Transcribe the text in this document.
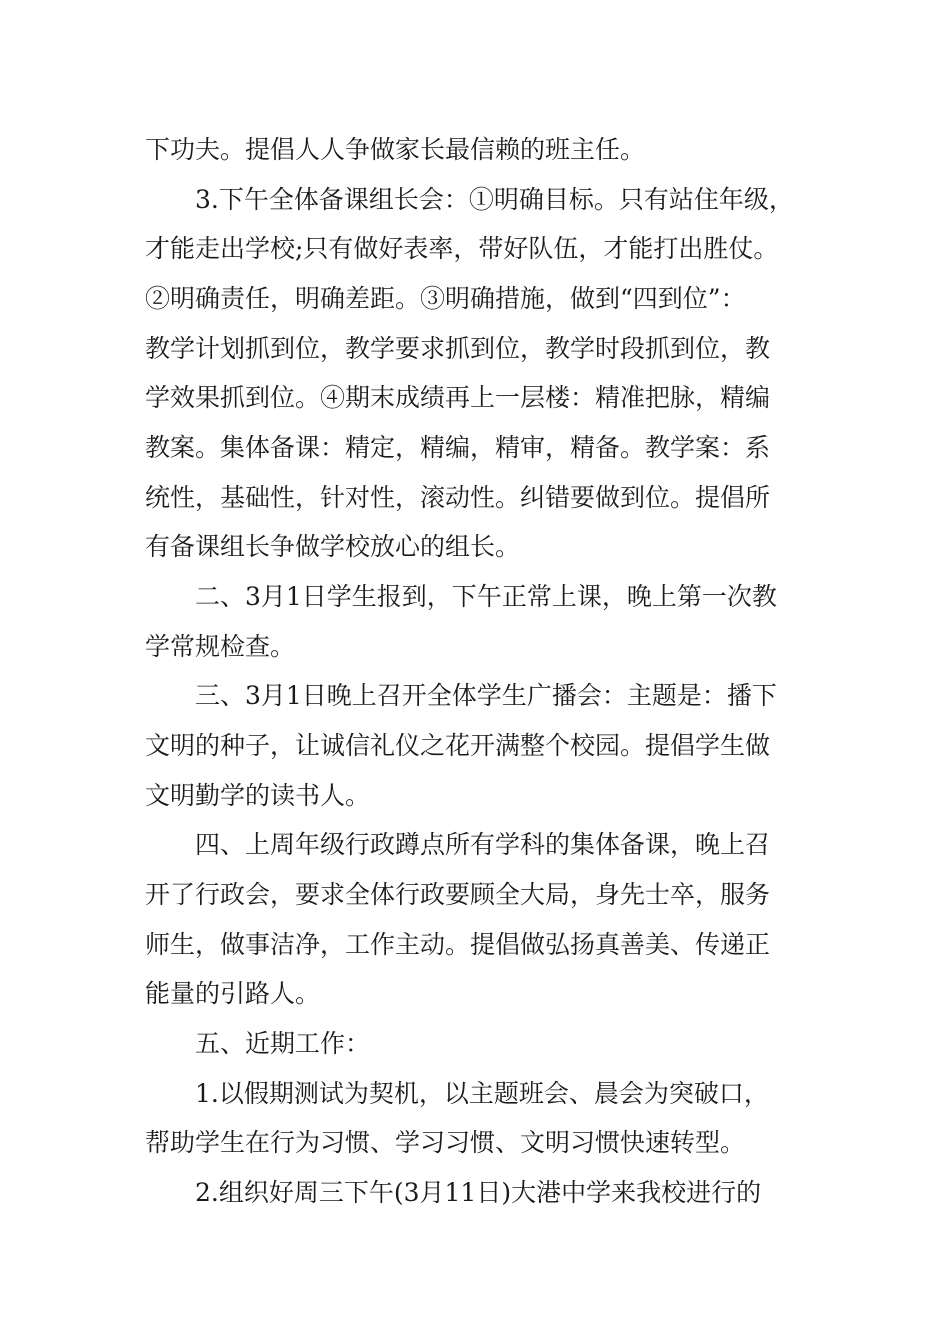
下功夫。提倡人人争做家长最信赖的班主任。
3.下午全体备课组长会：①明确目标。只有站住年级，
才能走出学校;只有做好表率，带好队伍，才能打出胜仗。
②明确责任，明确差距。③明确措施，做到“四到位”：
教学计划抓到位，教学要求抓到位，教学时段抓到位，教
学效果抓到位。④期末成绩再上一层楼：精准把脉，精编
教案。集体备课：精定，精编，精审，精备。教学案：系
统性，基础性，针对性，滚动性。纠错要做到位。提倡所
有备课组长争做学校放心的组长。
二、3月1日学生报到，下午正常上课，晚上第一次教
学常规检查。
三、3月1日晚上召开全体学生广播会：主题是：播下
文明的种子，让诚信礼仪之花开满整个校园。提倡学生做
文明勤学的读书人。
四、上周年级行政蹲点所有学科的集体备课，晚上召
开了行政会，要求全体行政要顾全大局，身先士卒，服务
师生，做事洁净，工作主动。提倡做弘扬真善美、传递正
能量的引路人。
五、近期工作：
1.以假期测试为契机，以主题班会、晨会为突破口，
帮助学生在行为习惯、学习习惯、文明习惯快速转型。
2.组织好周三下午(3月11日)大港中学来我校进行的
